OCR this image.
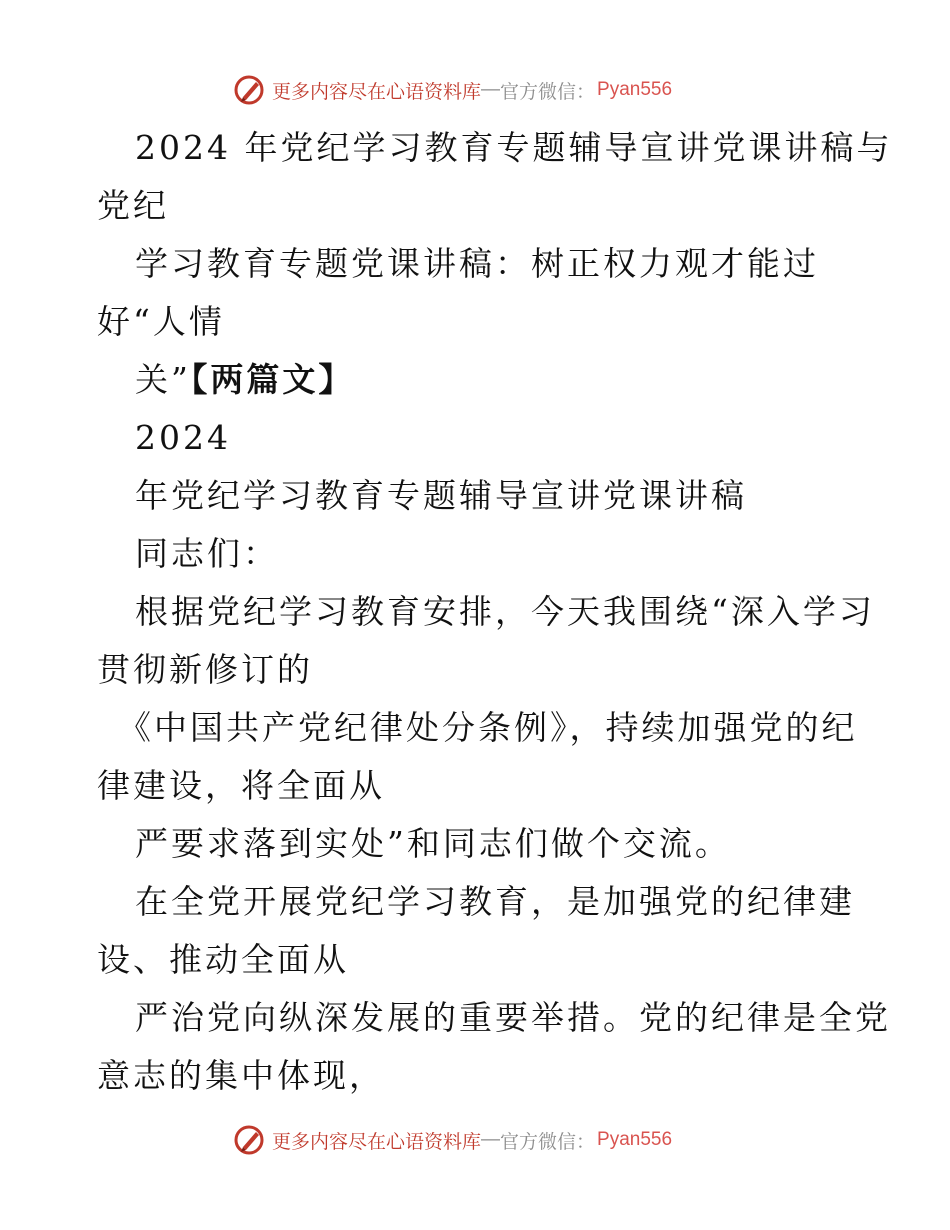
更多内容尽在心语资料库 — 官方微信： Pyan556
2024 年党纪学习教育专题辅导宣讲党课讲稿与
党纪
学习教育专题党课讲稿：树正权力观才能过
好“人情
关”【两篇文】
2024
年党纪学习教育专题辅导宣讲党课讲稿
同志们：
根据党纪学习教育安排，今天我围绕“深入学习
贯彻新修订的
《中国共产党纪律处分条例》，持续加强党的纪
律建设，将全面从
严要求落到实处”和同志们做个交流。
在全党开展党纪学习教育，是加强党的纪律建
设、推动全面从
严治党向纵深发展的重要举措。党的纪律是全党
意志的集中体现，
更多内容尽在心语资料库 — 官方微信： Pyan556
